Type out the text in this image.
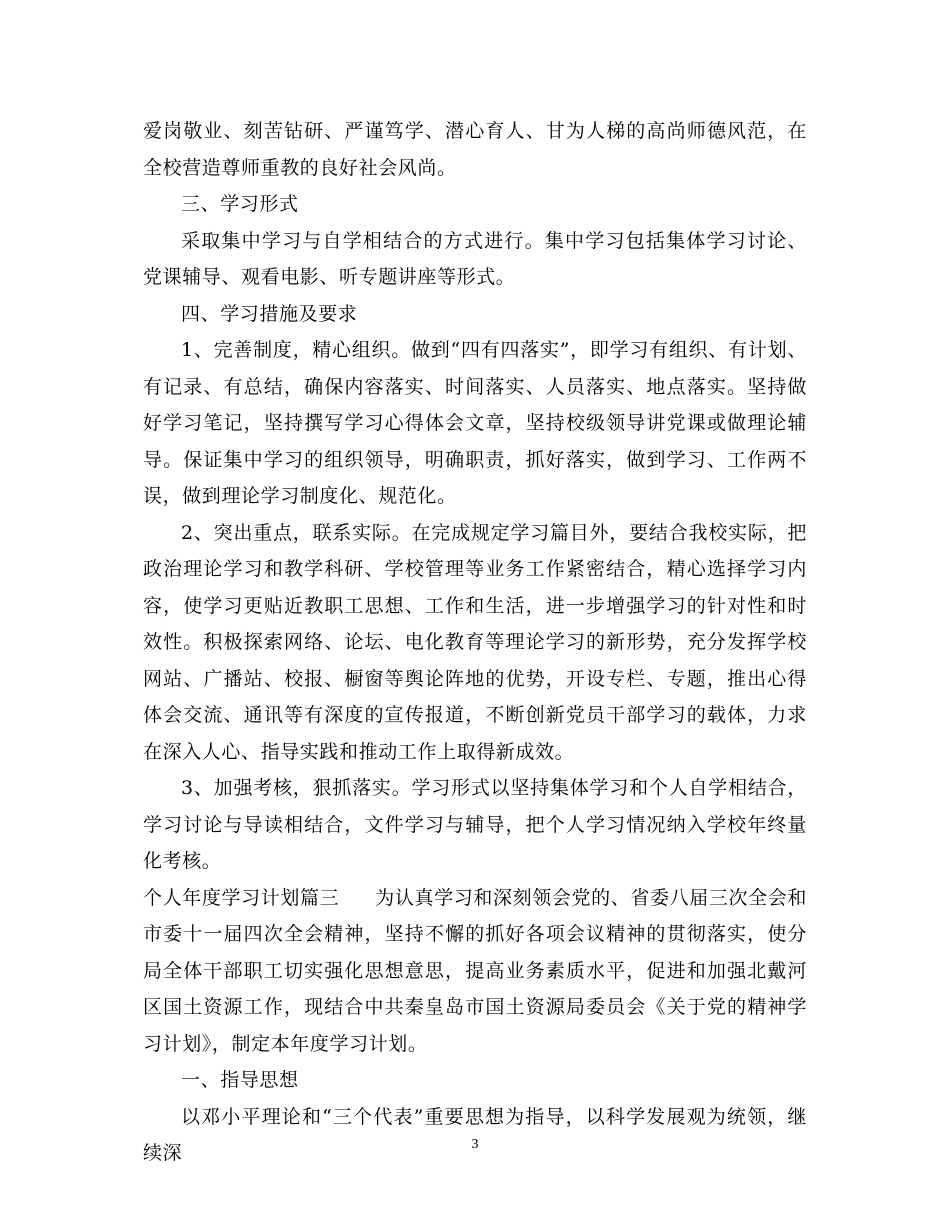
爱岗敬业、刻苦钻研、严谨笃学、潜心育人、甘为人梯的高尚师德风范，在全校营造尊师重教的良好社会风尚。

三、学习形式

采取集中学习与自学相结合的方式进行。集中学习包括集体学习讨论、党课辅导、观看电影、听专题讲座等形式。

四、学习措施及要求

1、完善制度，精心组织。做到“四有四落实”，即学习有组织、有计划、有记录、有总结，确保内容落实、时间落实、人员落实、地点落实。坚持做好学习笔记，坚持撰写学习心得体会文章，坚持校级领导讲党课或做理论辅导。保证集中学习的组织领导，明确职责，抓好落实，做到学习、工作两不误，做到理论学习制度化、规范化。

2、突出重点，联系实际。在完成规定学习篇目外，要结合我校实际，把政治理论学习和教学科研、学校管理等业务工作紧密结合，精心选择学习内容，使学习更贴近教职工思想、工作和生活，进一步增强学习的针对性和时效性。积极探索网络、论坛、电化教育等理论学习的新形势，充分发挥学校网站、广播站、校报、橱窗等舆论阵地的优势，开设专栏、专题，推出心得体会交流、通讯等有深度的宣传报道，不断创新党员干部学习的载体，力求在深入人心、指导实践和推动工作上取得新成效。

3、加强考核，狠抓落实。学习形式以坚持集体学习和个人自学相结合，学习讨论与导读相结合，文件学习与辅导，把个人学习情况纳入学校年终量化考核。

个人年度学习计划篇三 为认真学习和深刻领会党的、省委八届三次全会和市委十一届四次全会精神，坚持不懈的抓好各项会议精神的贯彻落实，使分局全体干部职工切实强化思想意思，提高业务素质水平，促进和加强北戴河区国土资源工作，现结合中共秦皇岛市国土资源局委员会《关于党的精神学习计划》，制定本年度学习计划。

一、指导思想

以邓小平理论和“三个代表”重要思想为指导，以科学发展观为统领，继续深	3
